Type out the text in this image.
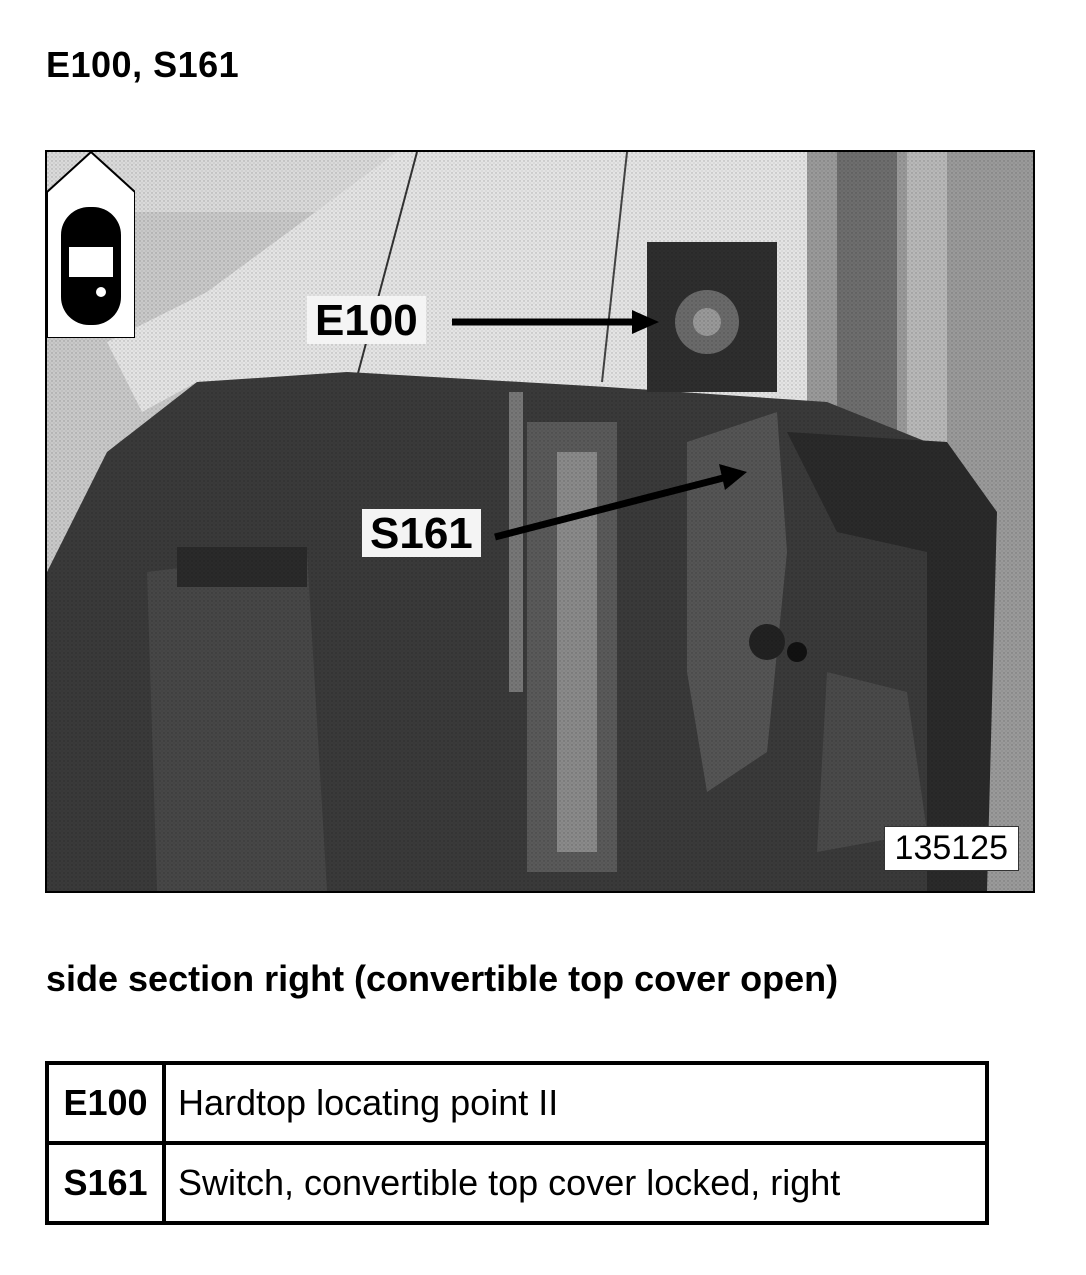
E100, S161
E100
S161
135125
side section right (convertible top cover open)
E100	Hardtop locating point II
S161	Switch, convertible top cover locked, right
